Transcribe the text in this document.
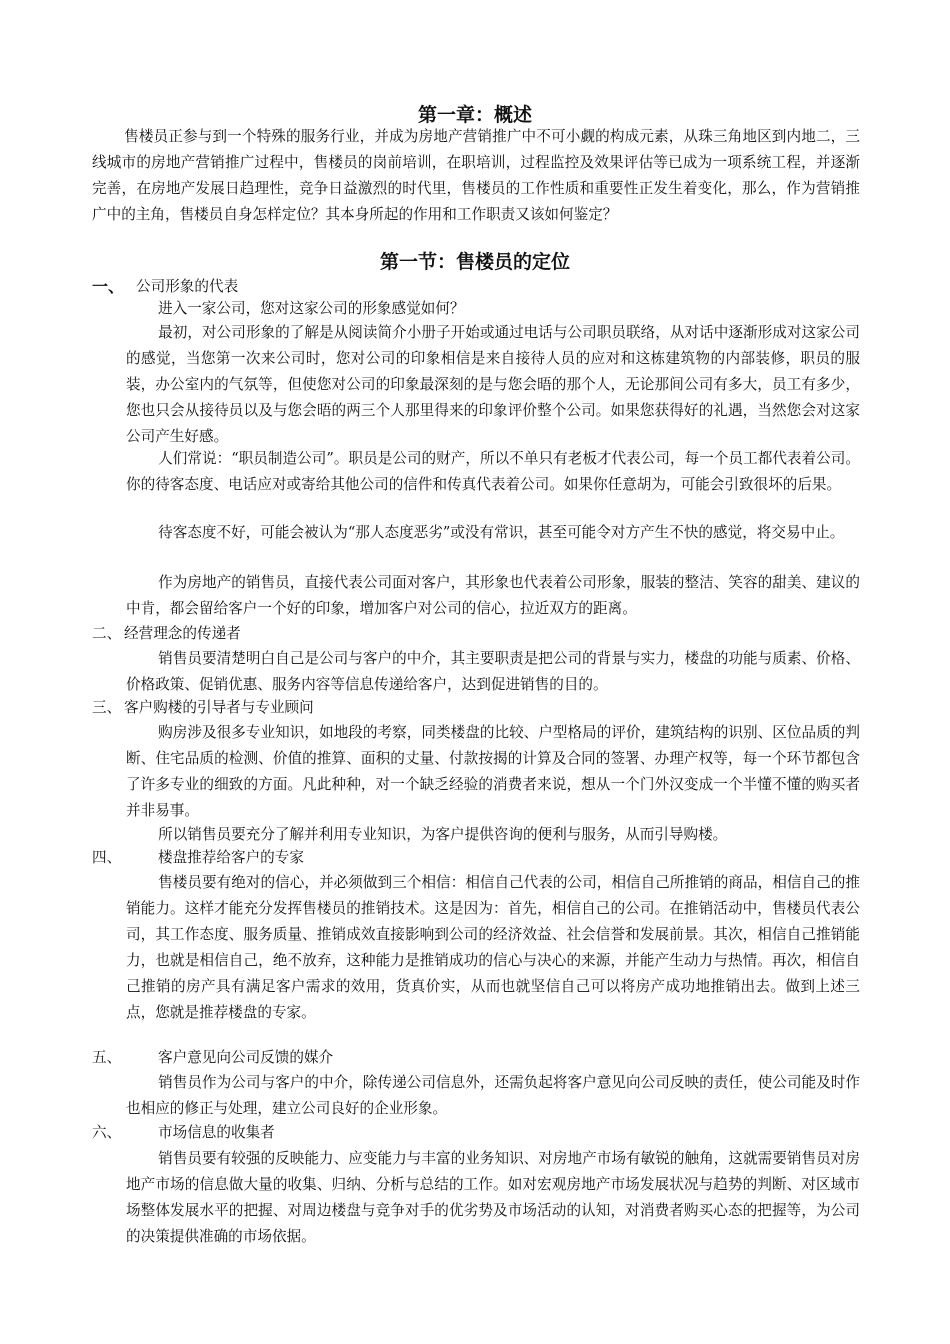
第一章：概述

售楼员正参与到一个特殊的服务行业，并成为房地产营销推广中不可小觑的构成元素，从珠三角地区到内地二，三线城市的房地产营销推广过程中，售楼员的岗前培训，在职培训，过程监控及效果评估等已成为一项系统工程，并逐渐完善，在房地产发展日趋理性，竞争日益激烈的时代里，售楼员的工作性质和重要性正发生着变化，那么，作为营销推广中的主角，售楼员自身怎样定位？其本身所起的作用和工作职责又该如何鉴定？

第一节：售楼员的定位
一、 公司形象的代表

进入一家公司，您对这家公司的形象感觉如何？

最初，对公司形象的了解是从阅读简介小册子开始或通过电话与公司职员联络，从对话中逐渐形成对这家公司的感觉，当您第一次来公司时，您对公司的印象相信是来自接待人员的应对和这栋建筑物的内部装修，职员的服装，办公室内的气氛等，但使您对公司的印象最深刻的是与您会晤的那个人，无论那间公司有多大，员工有多少，您也只会从接待员以及与您会晤的两三个人那里得来的印象评价整个公司。如果您获得好的礼遇，当然您会对这家公司产生好感。

人们常说：“职员制造公司”。职员是公司的财产，所以不单只有老板才代表公司，每一个员工都代表着公司。你的待客态度、电话应对或寄给其他公司的信件和传真代表着公司。如果你任意胡为，可能会引致很坏的后果。

待客态度不好，可能会被认为“那人态度恶劣”或没有常识，甚至可能令对方产生不快的感觉，将交易中止。

作为房地产的销售员，直接代表公司面对客户，其形象也代表着公司形象，服装的整洁、笑容的甜美、建议的中肯，都会留给客户一个好的印象，增加客户对公司的信心，拉近双方的距离。

二、 经营理念的传递者

销售员要清楚明白自己是公司与客户的中介，其主要职责是把公司的背景与实力，楼盘的功能与质素、价格、价格政策、促销优惠、服务内容等信息传递给客户，达到促进销售的目的。

三、 客户购楼的引导者与专业顾问

购房涉及很多专业知识，如地段的考察，同类楼盘的比较、户型格局的评价，建筑结构的识别、区位品质的判断、住宅品质的检测、价值的推算、面积的丈量、付款按揭的计算及合同的签署、办理产权等，每一个环节都包含了许多专业的细致的方面。凡此种种，对一个缺乏经验的消费者来说，想从一个门外汉变成一个半懂不懂的购买者并非易事。

所以销售员要充分了解并利用专业知识，为客户提供咨询的便利与服务，从而引导购楼。

四、	楼盘推荐给客户的专家

售楼员要有绝对的信心，并必须做到三个相信：相信自己代表的公司，相信自己所推销的商品，相信自己的推销能力。这样才能充分发挥售楼员的推销技术。这是因为：首先，相信自己的公司。在推销活动中，售楼员代表公司，其工作态度、服务质量、推销成效直接影响到公司的经济效益、社会信誉和发展前景。其次，相信自己推销能力，也就是相信自己，绝不放弃，这种能力是推销成功的信心与决心的来源，并能产生动力与热情。再次，相信自己推销的房产具有满足客户需求的效用，货真价实，从而也就坚信自己可以将房产成功地推销出去。做到上述三点，您就是推荐楼盘的专家。

五、	客户意见向公司反馈的媒介

销售员作为公司与客户的中介，除传递公司信息外，还需负起将客户意见向公司反映的责任，使公司能及时作也相应的修正与处理，建立公司良好的企业形象。

六、	市场信息的收集者

销售员要有较强的反映能力、应变能力与丰富的业务知识、对房地产市场有敏锐的触角，这就需要销售员对房地产市场的信息做大量的收集、归纳、分析与总结的工作。如对宏观房地产市场发展状况与趋势的判断、对区域市场整体发展水平的把握、对周边楼盘与竞争对手的优劣势及市场活动的认知，对消费者购买心态的把握等，为公司的决策提供准确的市场依据。
